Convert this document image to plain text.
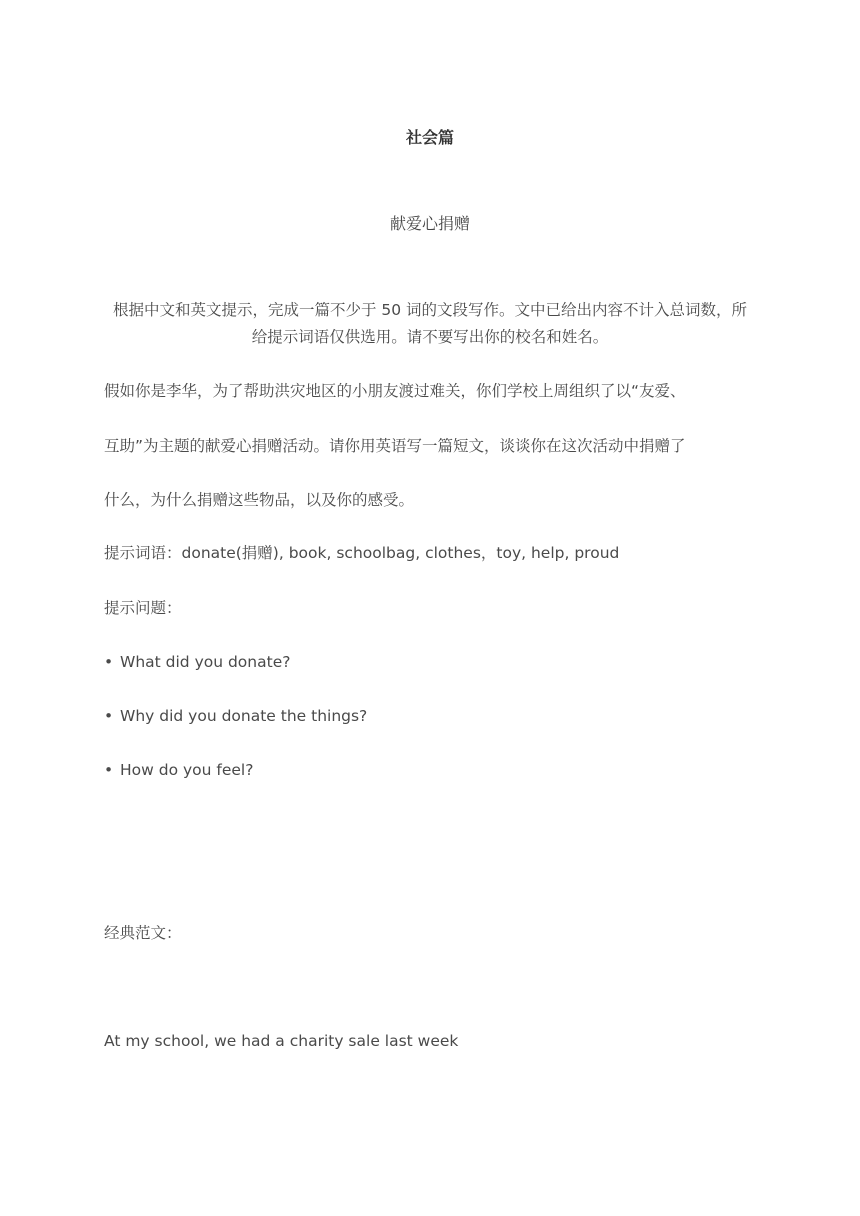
社会篇
献爱心捐赠
根据中文和英文提示，完成一篇不少于 50 词的文段写作。文中已给出内容不计入总词数，所
给提示词语仅供选用。请不要写出你的校名和姓名。
假如你是李华，为了帮助洪灾地区的小朋友渡过难关，你们学校上周组织了以“友爱、
互助”为主题的献爱心捐赠活动。请你用英语写一篇短文，谈谈你在这次活动中捐赠了
什么，为什么捐赠这些物品，以及你的感受。
提示词语：donate(捐赠), book, schoolbag, clothes，toy, help, proud
提示问题：
• What did you donate?
• Why did you donate the things?
• How do you feel?
经典范文：
At my school, we had a charity sale last week
